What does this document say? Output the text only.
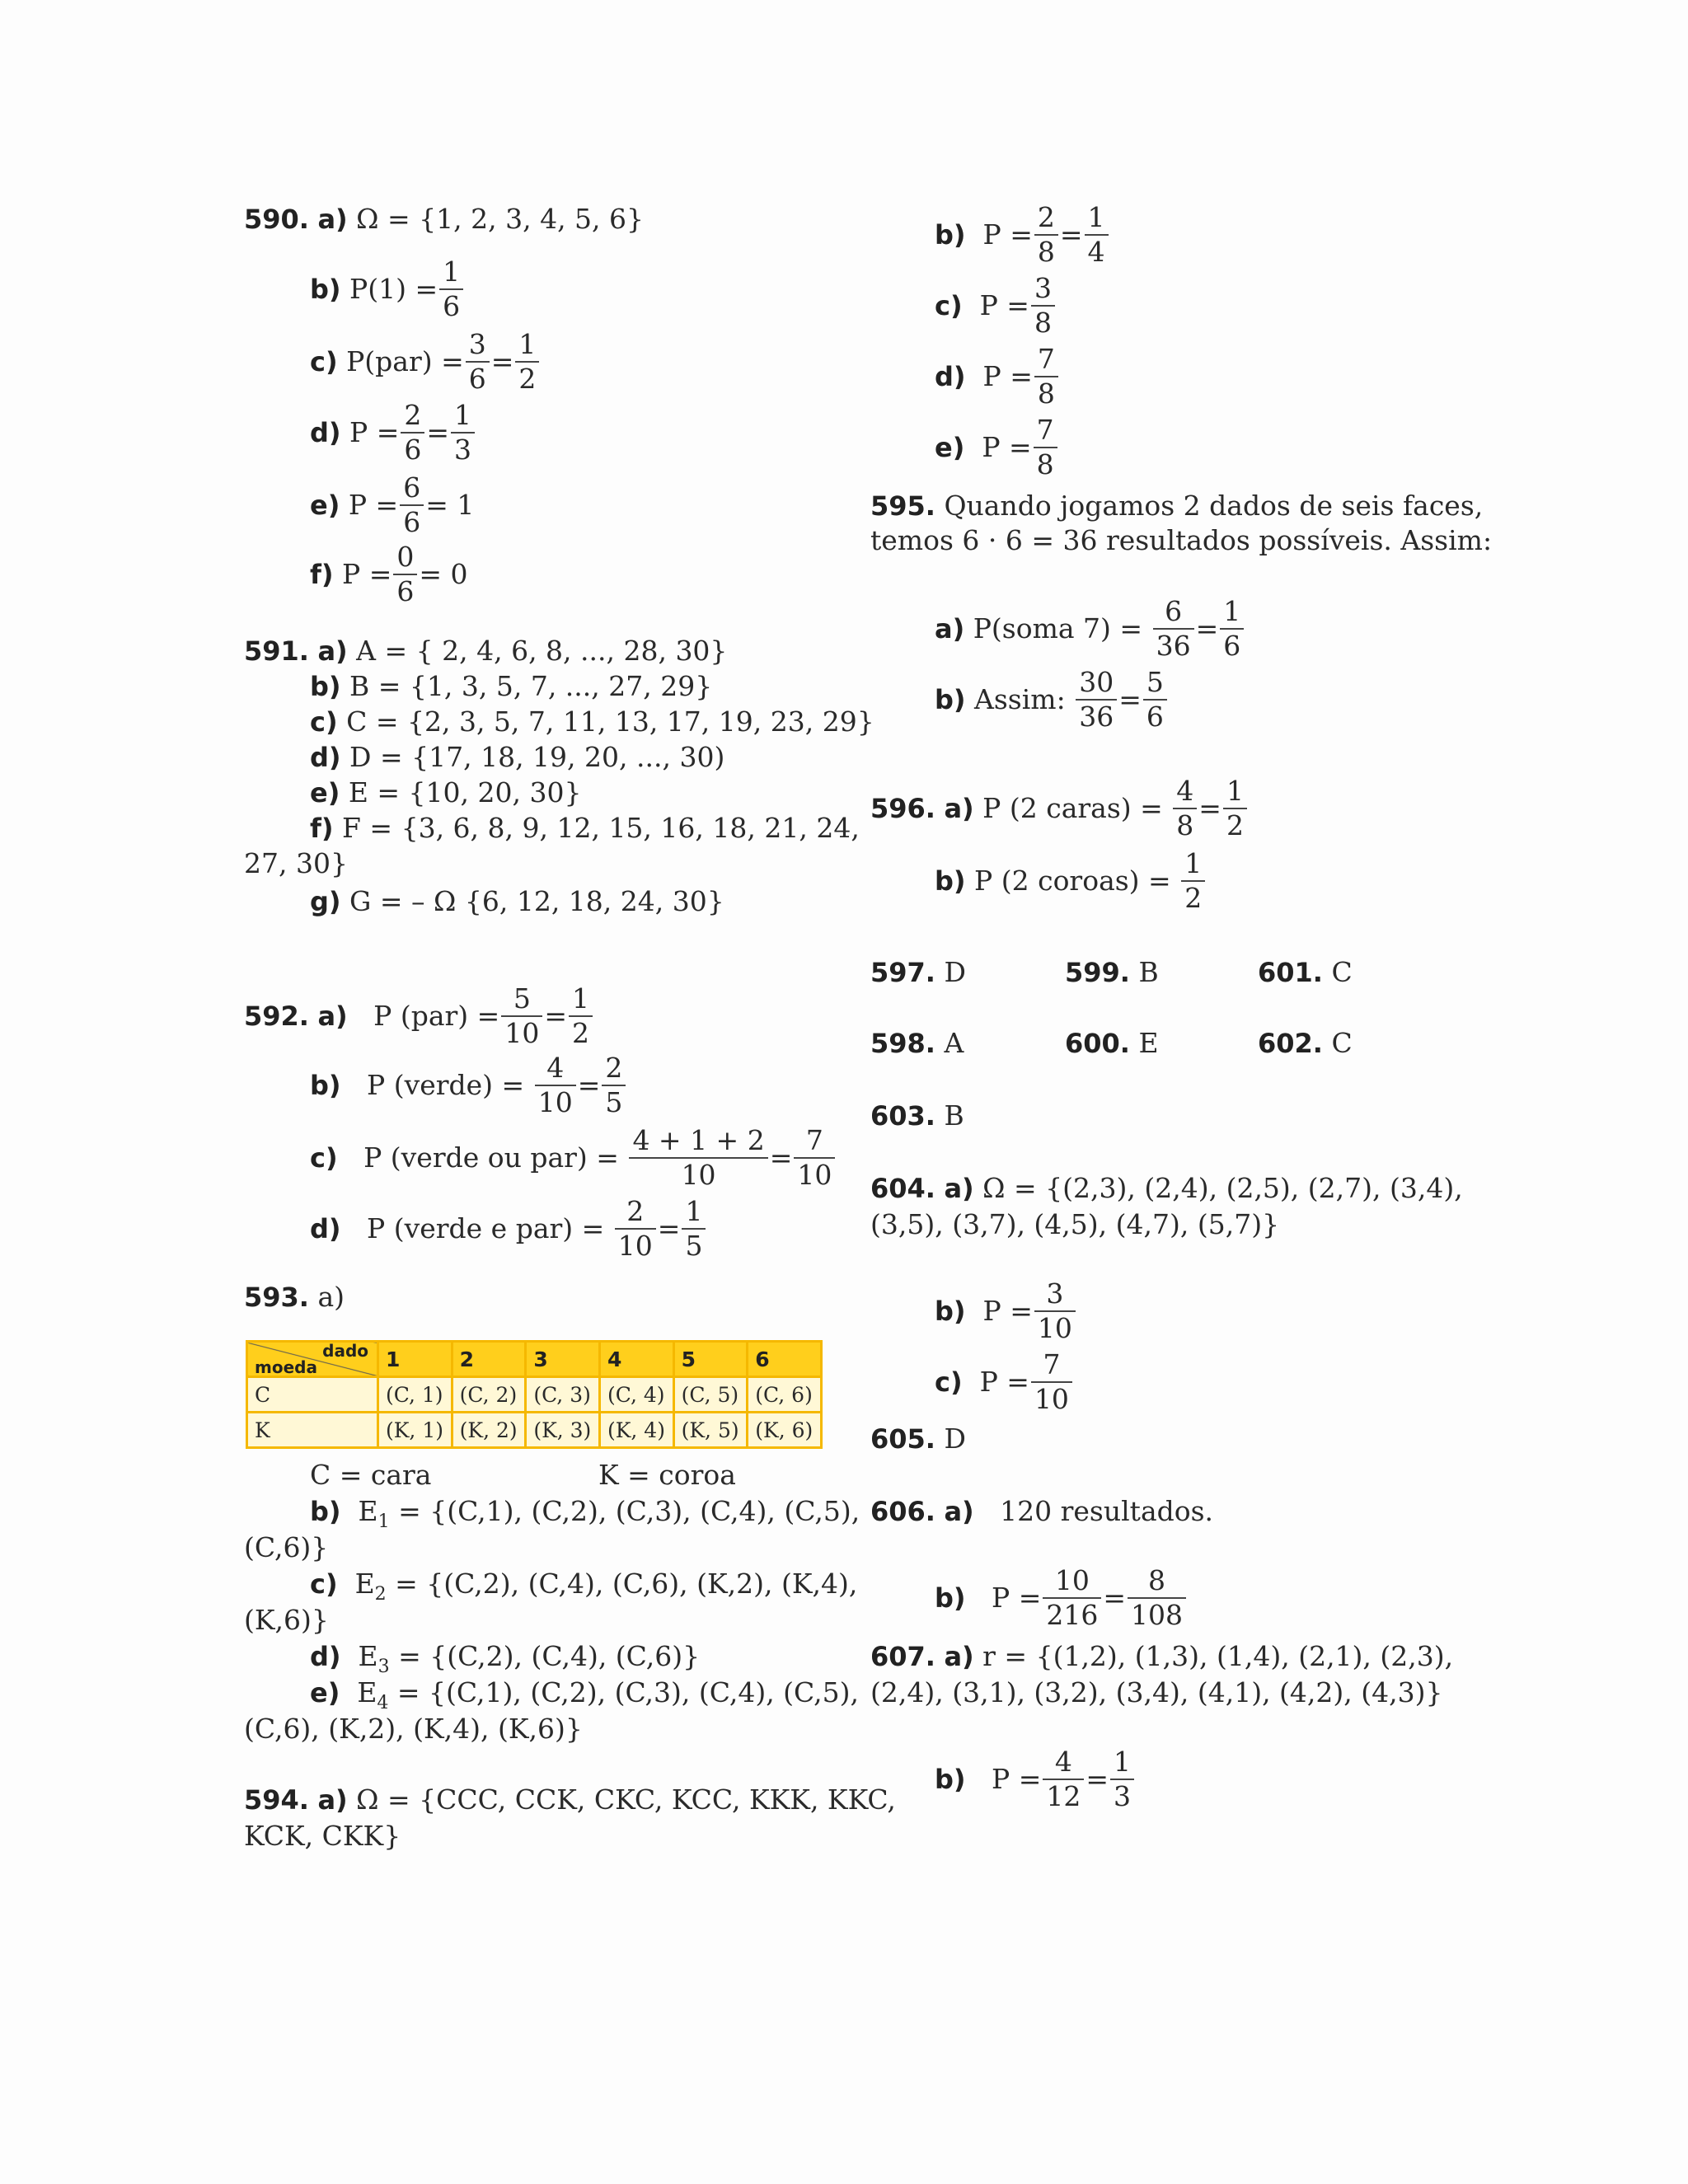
590. a) Ω = {1, 2, 3, 4, 5, 6}
b)
$P(1) = \frac{1}{6}$
c)
$P(par) = \frac{3}{6} = \frac{1}{2}$
d)
$P = \frac{2}{6} = \frac{1}{3}$
e)
$P = \frac{6}{6} = 1$
f)
$P = \frac{0}{6} = 0$
591. a) A = { 2, 4, 6, 8, ..., 28, 30}
b) B = {1, 3, 5, 7, ..., 27, 29}
c) C = {2, 3, 5, 7, 11, 13, 17, 19, 23, 29}
d) D = {17, 18, 19, 20, ..., 30)
e) E = {10, 20, 30}
f) F = {3, 6, 8, 9, 12, 15, 16, 18, 21, 24,
27, 30}
g) G = – Ω {6, 12, 18, 24, 30}
592.
a)
P $(par) = \frac{5}{10} = \frac{1}{2}$
b)
P (verde) =
$\frac{4}{10} = \frac{2}{5}$
c)
P (verde ou par) =
$\frac{4 + 1 + 2}{10} = \frac{7}{10}$
d)
P (verde e par) =
$\frac{2}{10} = \frac{1}{5}$
593. a)
dado
moeda	1	2	3	4	5	6
C	(C, 1)	(C, 2)	(C, 3)	(C, 4)	(C, 5)	(C, 6)
K	(K, 1)	(K, 2)	(K, 3)	(K, 4)	(K, 5)	(K, 6)
C = cara	K = coroa
b) $E_1 = \{(C,1)$, (C,2), (C,3), (C,4), (C,5),
(C,6)}
c) $E_2 = \{(C,2)$, (C,4), (C,6), (K,2), (K,4),
(K,6)}
d) $E_3 = \{(C,2)$, (C,4), (C,6)}
e) $E_4 = \{(C,1)$, (C,2), (C,3), (C,4), (C,5),
(C,6), (K,2), (K,4), (K,6)}
594. a) Ω = {CCC, CCK, CKC, KCC, KKK, KKC,
KCK, CKK}
b)
$P = \frac{2}{8} = \frac{1}{4}$
c)
$P = \frac{3}{8}$
d)
$P = \frac{7}{8}$
e)
$P = \frac{7}{8}$
595. Quando jogamos 2 dados de seis faces,
temos 6 · 6 = 36 resultados possíveis. Assim:
a)
P(soma 7) =
$\frac{6}{36} = \frac{1}{6}$
b)
Assim:
$\frac{30}{36} = \frac{5}{6}$
596.
a)
P (2 caras) =
$\frac{4}{8} = \frac{1}{2}$
b)
P (2 coroas) =
$\frac{1}{2}$
597. D	599. B	601. C
598. A	600. E	602. C
603. B
604. a) Ω = {(2,3), (2,4), (2,5), (2,7), (3,4),
(3,5), (3,7), (4,5), (4,7), (5,7)}
b)
$P = \frac{3}{10}$
c)
$P = \frac{7}{10}$
605. D
606. a) 120 resultados.
b)
$P = \frac{10}{216} = \frac{8}{108}$
607. a) r = {(1,2), (1,3), (1,4), (2,1), (2,3),
(2,4), (3,1), (3,2), (3,4), (4,1), (4,2), (4,3)}
b)
$P = \frac{4}{12} = \frac{1}{3}$
